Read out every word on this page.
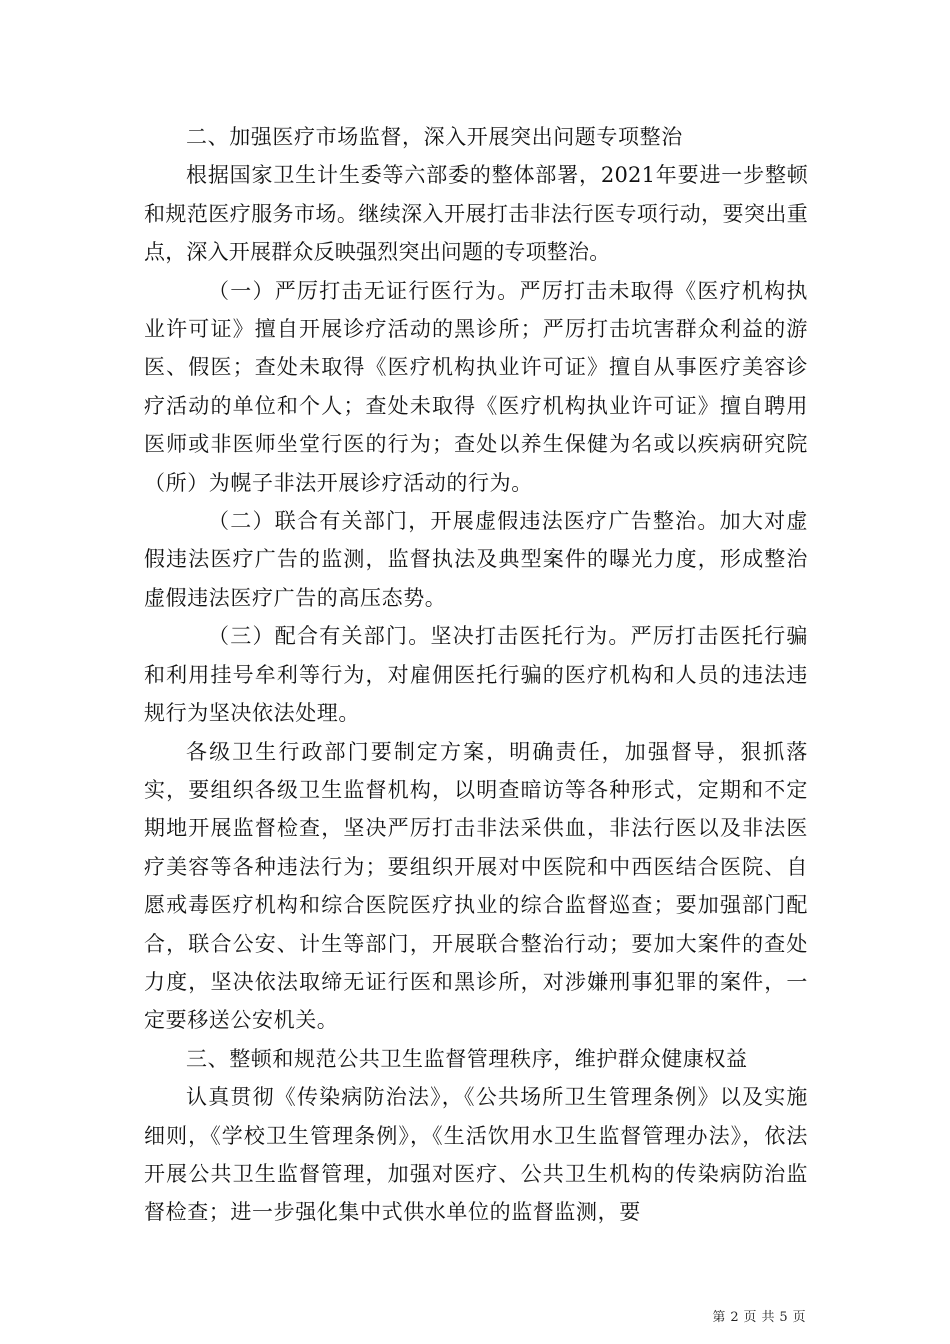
二、加强医疗市场监督，深入开展突出问题专项整治

根据国家卫生计生委等六部委的整体部署，2021年要进一步整顿和规范医疗服务市场。继续深入开展打击非法行医专项行动，要突出重点，深入开展群众反映强烈突出问题的专项整治。

（一）严厉打击无证行医行为。严厉打击未取得《医疗机构执业许可证》擅自开展诊疗活动的黑诊所；严厉打击坑害群众利益的游医、假医；查处未取得《医疗机构执业许可证》擅自从事医疗美容诊疗活动的单位和个人；查处未取得《医疗机构执业许可证》擅自聘用医师或非医师坐堂行医的行为；查处以养生保健为名或以疾病研究院（所）为幌子非法开展诊疗活动的行为。

（二）联合有关部门，开展虚假违法医疗广告整治。加大对虚假违法医疗广告的监测，监督执法及典型案件的曝光力度，形成整治虚假违法医疗广告的高压态势。

（三）配合有关部门。坚决打击医托行为。严厉打击医托行骗和利用挂号牟利等行为，对雇佣医托行骗的医疗机构和人员的违法违规行为坚决依法处理。

各级卫生行政部门要制定方案，明确责任，加强督导，狠抓落实，要组织各级卫生监督机构，以明查暗访等各种形式，定期和不定期地开展监督检查，坚决严厉打击非法采供血，非法行医以及非法医疗美容等各种违法行为；要组织开展对中医院和中西医结合医院、自愿戒毒医疗机构和综合医院医疗执业的综合监督巡查；要加强部门配合，联合公安、计生等部门，开展联合整治行动；要加大案件的查处力度，坚决依法取缔无证行医和黑诊所，对涉嫌刑事犯罪的案件，一定要移送公安机关。

三、整顿和规范公共卫生监督管理秩序，维护群众健康权益

认真贯彻《传染病防治法》，《公共场所卫生管理条例》以及实施细则，《学校卫生管理条例》，《生活饮用水卫生监督管理办法》，依法开展公共卫生监督管理，加强对医疗、公共卫生机构的传染病防治监督检查；进一步强化集中式供水单位的监督监测，要

第 2 页 共 5 页
